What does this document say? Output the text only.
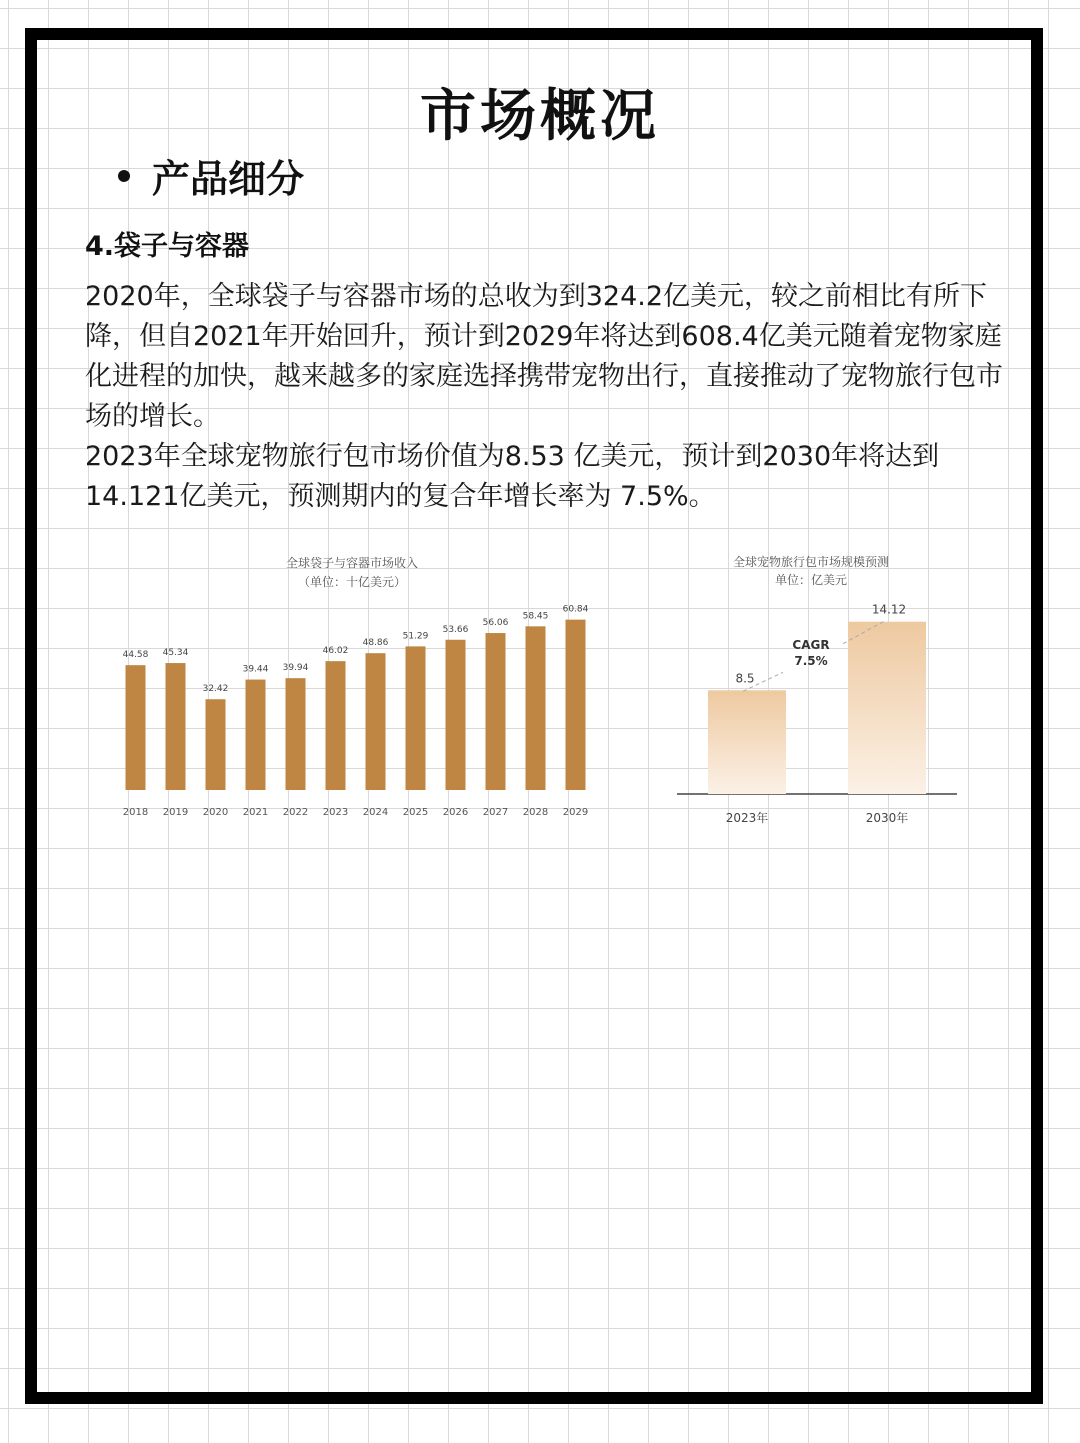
市场概况
产品细分
4.袋子与容器

2020年，全球袋子与容器市场的总收为到324.2亿美元，较之前相比有所下降，但自2021年开始回升，预计到2029年将达到608.4亿美元随着宠物家庭化进程的加快，越来越多的家庭选择携带宠物出行，直接推动了宠物旅行包市场的增长。

2023年全球宠物旅行包市场价值为8.53 亿美元，预计到2030年将达到14.121亿美元，预测期内的复合年增长率为 7.5%。

全球袋子与容器市场收入
（单位：十亿美元）
44.58
2018
45.34
2019
32.42
2020
39.44
2021
39.94
2022
46.02
2023
48.86
2024
51.29
2025
53.66
2026
56.06
2027
58.45
2028
60.84
2029
全球宠物旅行包市场规模预测
单位：亿美元
8.5
2023年
14.12
2030年
CAGR
7.5%
